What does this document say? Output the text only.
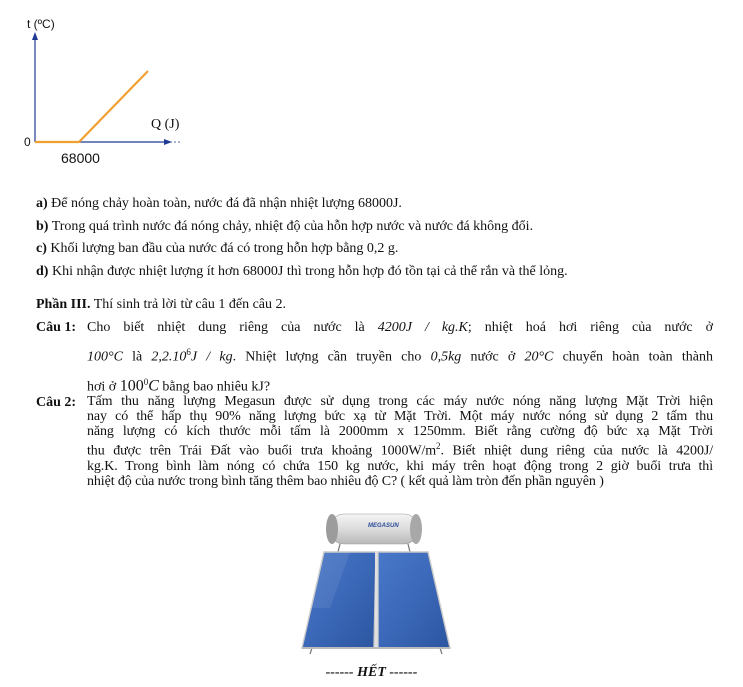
t (ºC)
Q (J)
0
68000
a) Để nóng chảy hoàn toàn, nước đá đã nhận nhiệt lượng 68000J.
b) Trong quá trình nước đá nóng chảy, nhiệt độ của hỗn hợp nước và nước đá không đổi.
c) Khối lượng ban đầu của nước đá có trong hỗn hợp bằng 0,2 g.
d) Khi nhận được nhiệt lượng ít hơn 68000J thì trong hỗn hợp đó tồn tại cả thể rắn và thể lỏng.
Phần III. Thí sinh trả lời từ câu 1 đến câu 2.
Câu 1: Cho biết nhiệt dung riêng của nước là 4200J / kg.K; nhiệt hoá hơi riêng của nước ở
100°C là 2,2.10$^6$J / kg. Nhiệt lượng cần truyền cho 0,5kg nước ở 20°C chuyển hoàn toàn thành
hơi ở $100^0C$ bằng bao nhiêu kJ?
Câu 2: Tấm thu năng lượng Megasun được sử dụng trong các máy nước nóng năng lượng Mặt Trời hiện
nay có thể hấp thụ 90% năng lượng bức xạ từ Mặt Trời. Một máy nước nóng sử dụng 2 tấm thu
năng lượng có kích thước mỗi tấm là 2000mm x 1250mm. Biết rằng cường độ bức xạ Mặt Trời
thu được trên Trái Đất vào buổi trưa khoảng $1000W/m^2$. Biết nhiệt dung riêng của nước là 4200J/
kg.K. Trong bình làm nóng có chứa 150 kg nước, khi máy trên hoạt động trong 2 giờ buổi trưa thì
nhiệt độ của nước trong bình tăng thêm bao nhiêu độ C? ( kết quả làm tròn đến phần nguyên )
MEGASUN
------ HẾT ------
